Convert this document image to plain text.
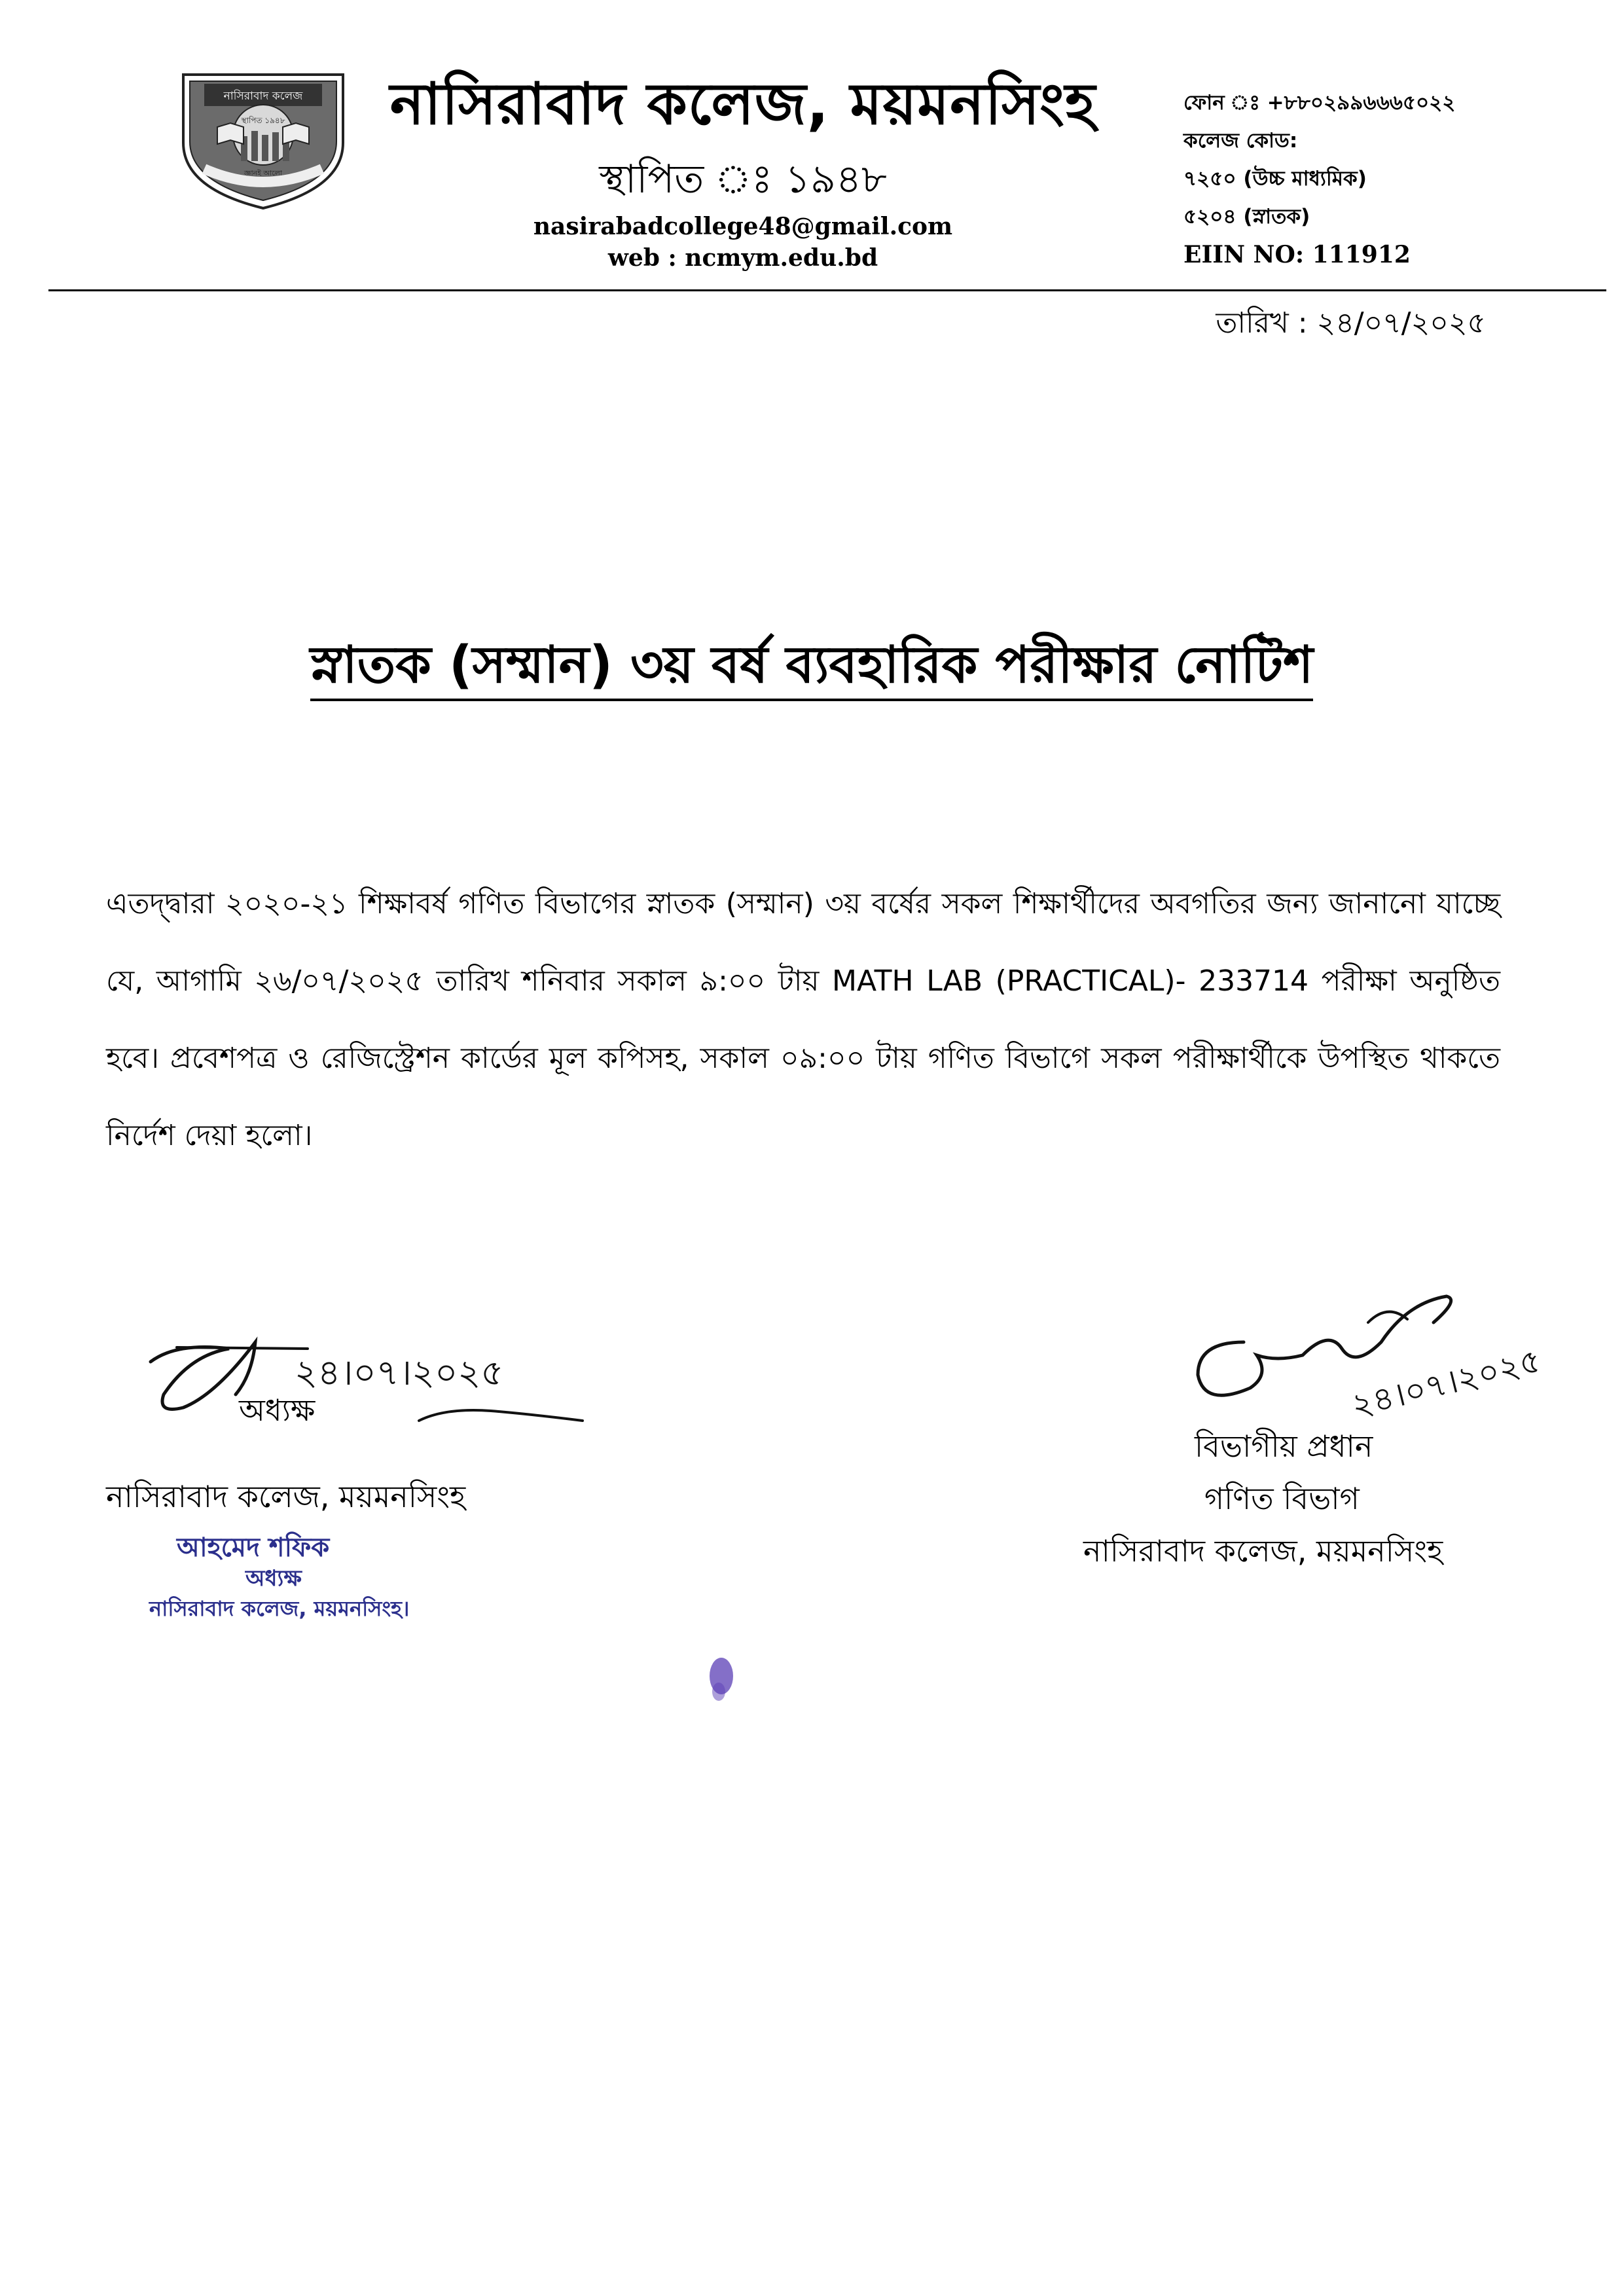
নাসিরাবাদ কলেজ
স্থাপিত ১৯৪৮
জ্ঞানই আলো
নাসিরাবাদ কলেজ, ময়মনসিংহ
স্থাপিত ঃ ১৯৪৮
nasirabadcollege48@gmail.com
web : ncmym.edu.bd
ফোন ঃ +৮৮০২৯৯৬৬৬৫০২২
কলেজ কোড:
৭২৫০ (উচ্চ মাধ্যমিক)
৫২০৪ (স্নাতক)
EIIN NO: 111912
তারিখ : ২৪/০৭/২০২৫
স্নাতক (সম্মান) ৩য় বর্ষ ব্যবহারিক পরীক্ষার নোটিশ
এতদ্দ্বারা ২০২০-২১ শিক্ষাবর্ষ গণিত বিভাগের স্নাতক (সম্মান) ৩য় বর্ষের সকল শিক্ষার্থীদের অবগতির জন্য জানানো যাচ্ছে যে, আগামি ২৬/০৭/২০২৫ তারিখ শনিবার সকাল ৯:০০ টায় MATH LAB (PRACTICAL)- 233714 পরীক্ষা অনুষ্ঠিত হবে। প্রবেশপত্র ও রেজিস্ট্রেশন কার্ডের মূল কপিসহ, সকাল ০৯:০০ টায় গণিত বিভাগে সকল পরীক্ষার্থীকে উপস্থিত থাকতে নির্দেশ দেয়া হলো।
২৪।০৭।২০২৫
অধ্যক্ষ
নাসিরাবাদ কলেজ, ময়মনসিংহ
আহমেদ শফিক
অধ্যক্ষ
নাসিরাবাদ কলেজ, ময়মনসিংহ।
২৪।০৭।২০২৫
বিভাগীয় প্রধান
গণিত বিভাগ
নাসিরাবাদ কলেজ, ময়মনসিংহ
